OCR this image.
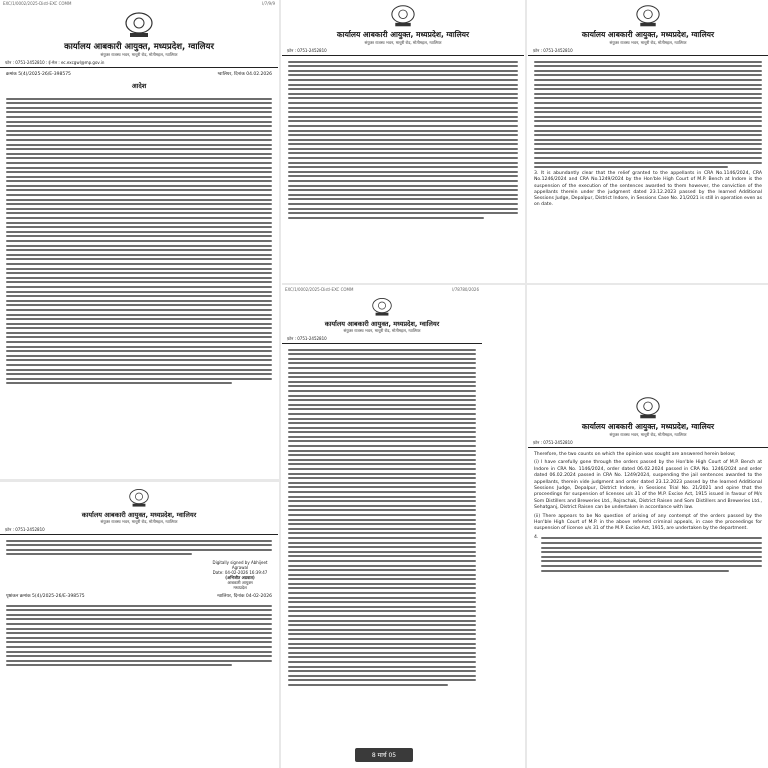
EXC/1/0002/2025-Distl-EXC COMM	I/7/9/9
कार्यालय आबकारी आयुक्त, मध्यप्रदेश, ग्वालियर
संयुक्त राजस्व भवन, माधुरी रोड, मोतीमहल, ग्वालियर
फोन : 0751-2452810 : ई-मेल : ec.excgwl@mp.gov.in
क्रमांक 5(4)/2025-26/E-398575	ग्वालियर, दिनांक 04.02.2026
आदेश
कार्यालय आबकारी आयुक्त, मध्यप्रदेश, ग्वालियर
संयुक्त राजस्व भवन, माधुरी रोड, मोतीमहल, ग्वालियर
फ़ोन : 0751-2452810
कार्यालय आबकारी आयुक्त, मध्यप्रदेश, ग्वालियर
संयुक्त राजस्व भवन, माधुरी रोड, मोतीमहल, ग्वालियर
फ़ोन : 0751-2452810
3. It is abundantly clear that the relief granted to the appellants in CRA No.1146/2024, CRA No.1246/2024 and CRA No.1249/2024 by the Hon'ble High Court of M.P. Bench at Indore is the suspension of the execution of the sentences awarded to them however, the conviction of the appellants therein under the judgment dated 23.12.2023 passed by the learned Additional Sessions Judge, Depalpur, District Indore, in Sessions Case No. 21/2021 is still in operation even as on date.
कार्यालय आबकारी आयुक्त, मध्यप्रदेश, ग्वालियर
संयुक्त राजस्व भवन, माधुरी रोड, मोतीमहल, ग्वालियर
फ़ोन : 0751-2452810
Digitally signed by Abhijeet Agrawal
Date: 04-02-2026 16:39:47
(अभिजीत अग्रवाल)
आबकारी आयुक्त
मध्यप्रदेश
पृष्ठांकन क्रमांक 5(4)/2025-26/E-398575	ग्वालियर, दिनांक 04-02-2026
EXC/1/0002/2025-Distl-EXC COMM	I/78780/2026
कार्यालय आबकारी आयुक्त, मध्यप्रदेश, ग्वालियर
संयुक्त राजस्व भवन, माधुरी रोड, मोतीमहल, ग्वालियर
फ़ोन : 0751-2452810
कार्यालय आबकारी आयुक्त, मध्यप्रदेश, ग्वालियर
संयुक्त राजस्व भवन, माधुरी रोड, मोतीमहल, ग्वालियर
फ़ोन : 0751-2452810

Therefore, the two counts on which the opinion was sought are answered herein below;

(i) I have carefully gone through the orders passed by the Hon'ble High Court of M.P. Bench at Indore in CRA No. 1146/2024, order dated 06.02.2024 passed in CRA No. 1246/2024 and order dated 06.02.2024 passed in CRA No. 1249/2024, suspending the jail sentences awarded to the appellants, therein vide judgment and order dated 23.12.2023 passed by the learned Additional Sessions Judge, Depalpur, District Indore, in Sessions Trial No. 21/2021 and opine that the proceedings for suspension of licenses u/s 31 of the M.P. Excise Act, 1915 issued in favour of M/s Som Distillers and Breweries Ltd., Rojrachak, District Raisen and Som Distillers and Breweries Ltd., Sehatganj, District Raisen can be undertaken in accordance with law.

(ii) There appears to be No question of arising of any contempt of the orders passed by the Hon'ble High Court of M.P. in the above referred criminal appeals, in case the proceedings for suspension of license u/s 31 of the M.P. Excise Act, 1915, are undertaken by the department.

4.
8 मार्च 05
